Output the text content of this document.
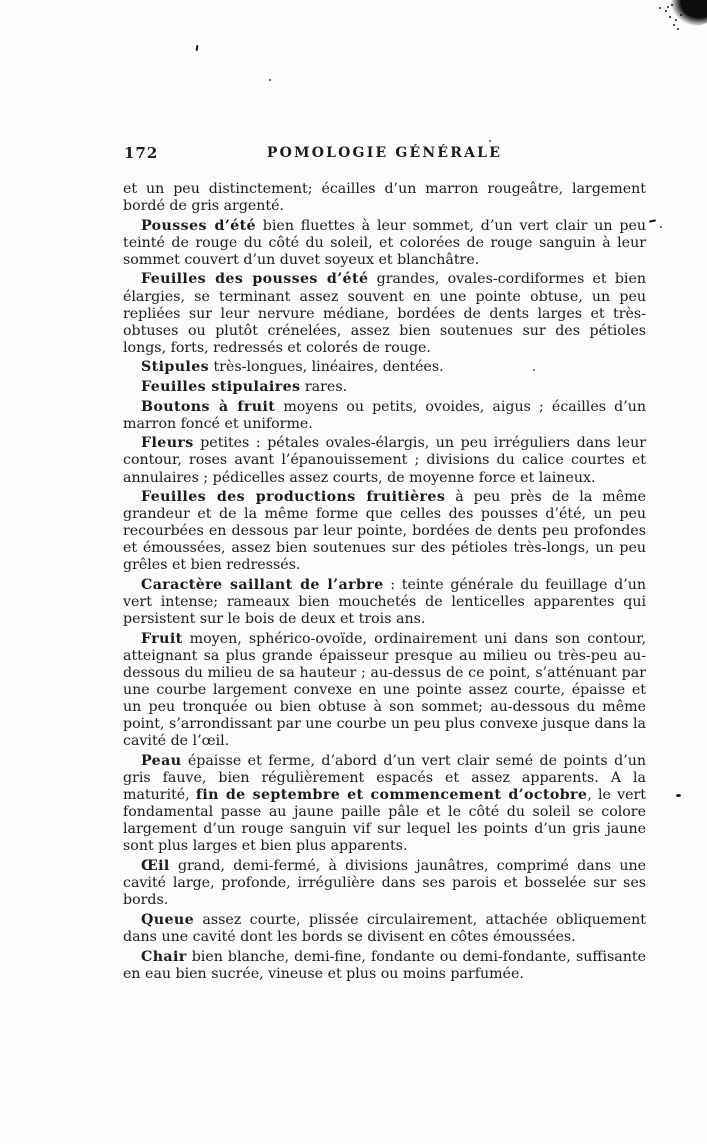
172	POMOLOGIE GÉNÉRALE

et un peu distinctement; écailles d’un marron rougeâtre, largement bordé de gris argenté.

Pousses d’été bien fluettes à leur sommet, d’un vert clair un peu teinté de rouge du côté du soleil, et colorées de rouge sanguin à leur sommet couvert d’un duvet soyeux et blanchâtre.

Feuilles des pousses d’été grandes, ovales-cordiformes et bien élargies, se terminant assez souvent en une pointe obtuse, un peu repliées sur leur nervure médiane, bordées de dents larges et très-obtuses ou plutôt crénelées, assez bien soutenues sur des pétioles longs, forts, redressés et colorés de rouge.

Stipules très-longues, linéaires, dentées.

Feuilles stipulaires rares.

Boutons à fruit moyens ou petits, ovoides, aigus ; écailles d’un marron foncé et uniforme.

Fleurs petites : pétales ovales-élargis, un peu irréguliers dans leur contour, roses avant l’épanouissement ; divisions du calice courtes et annulaires ; pédicelles assez courts, de moyenne force et laineux.

Feuilles des productions fruitières à peu près de la même grandeur et de la même forme que celles des pousses d’été, un peu recourbées en dessous par leur pointe, bordées de dents peu profondes et émoussées, assez bien soutenues sur des pétioles très-longs, un peu grêles et bien redressés.

Caractère saillant de l’arbre : teinte générale du feuillage d’un vert intense; rameaux bien mouchetés de lenticelles apparentes qui persistent sur le bois de deux et trois ans.

Fruit moyen, sphérico-ovoïde, ordinairement uni dans son contour, atteignant sa plus grande épaisseur presque au milieu ou très-peu au-dessous du milieu de sa hauteur ; au-dessus de ce point, s’atténuant par une courbe largement convexe en une pointe assez courte, épaisse et un peu tronquée ou bien obtuse à son sommet; au-dessous du même point, s’arrondissant par une courbe un peu plus convexe jusque dans la cavité de l’œil.

Peau épaisse et ferme, d’abord d’un vert clair semé de points d’un gris fauve, bien régulièrement espacés et assez apparents. A la maturité, fin de septembre et commencement d’octobre, le vert fondamental passe au jaune paille pâle et le côté du soleil se colore largement d’un rouge sanguin vif sur lequel les points d’un gris jaune sont plus larges et bien plus apparents.

Œil grand, demi-fermé, à divisions jaunâtres, comprimé dans une cavité large, profonde, irrégulière dans ses parois et bosselée sur ses bords.

Queue assez courte, plissée circulairement, attachée obliquement dans une cavité dont les bords se divisent en côtes émoussées.

Chair bien blanche, demi-fine, fondante ou demi-fondante, suffisante en eau bien sucrée, vineuse et plus ou moins parfumée.
